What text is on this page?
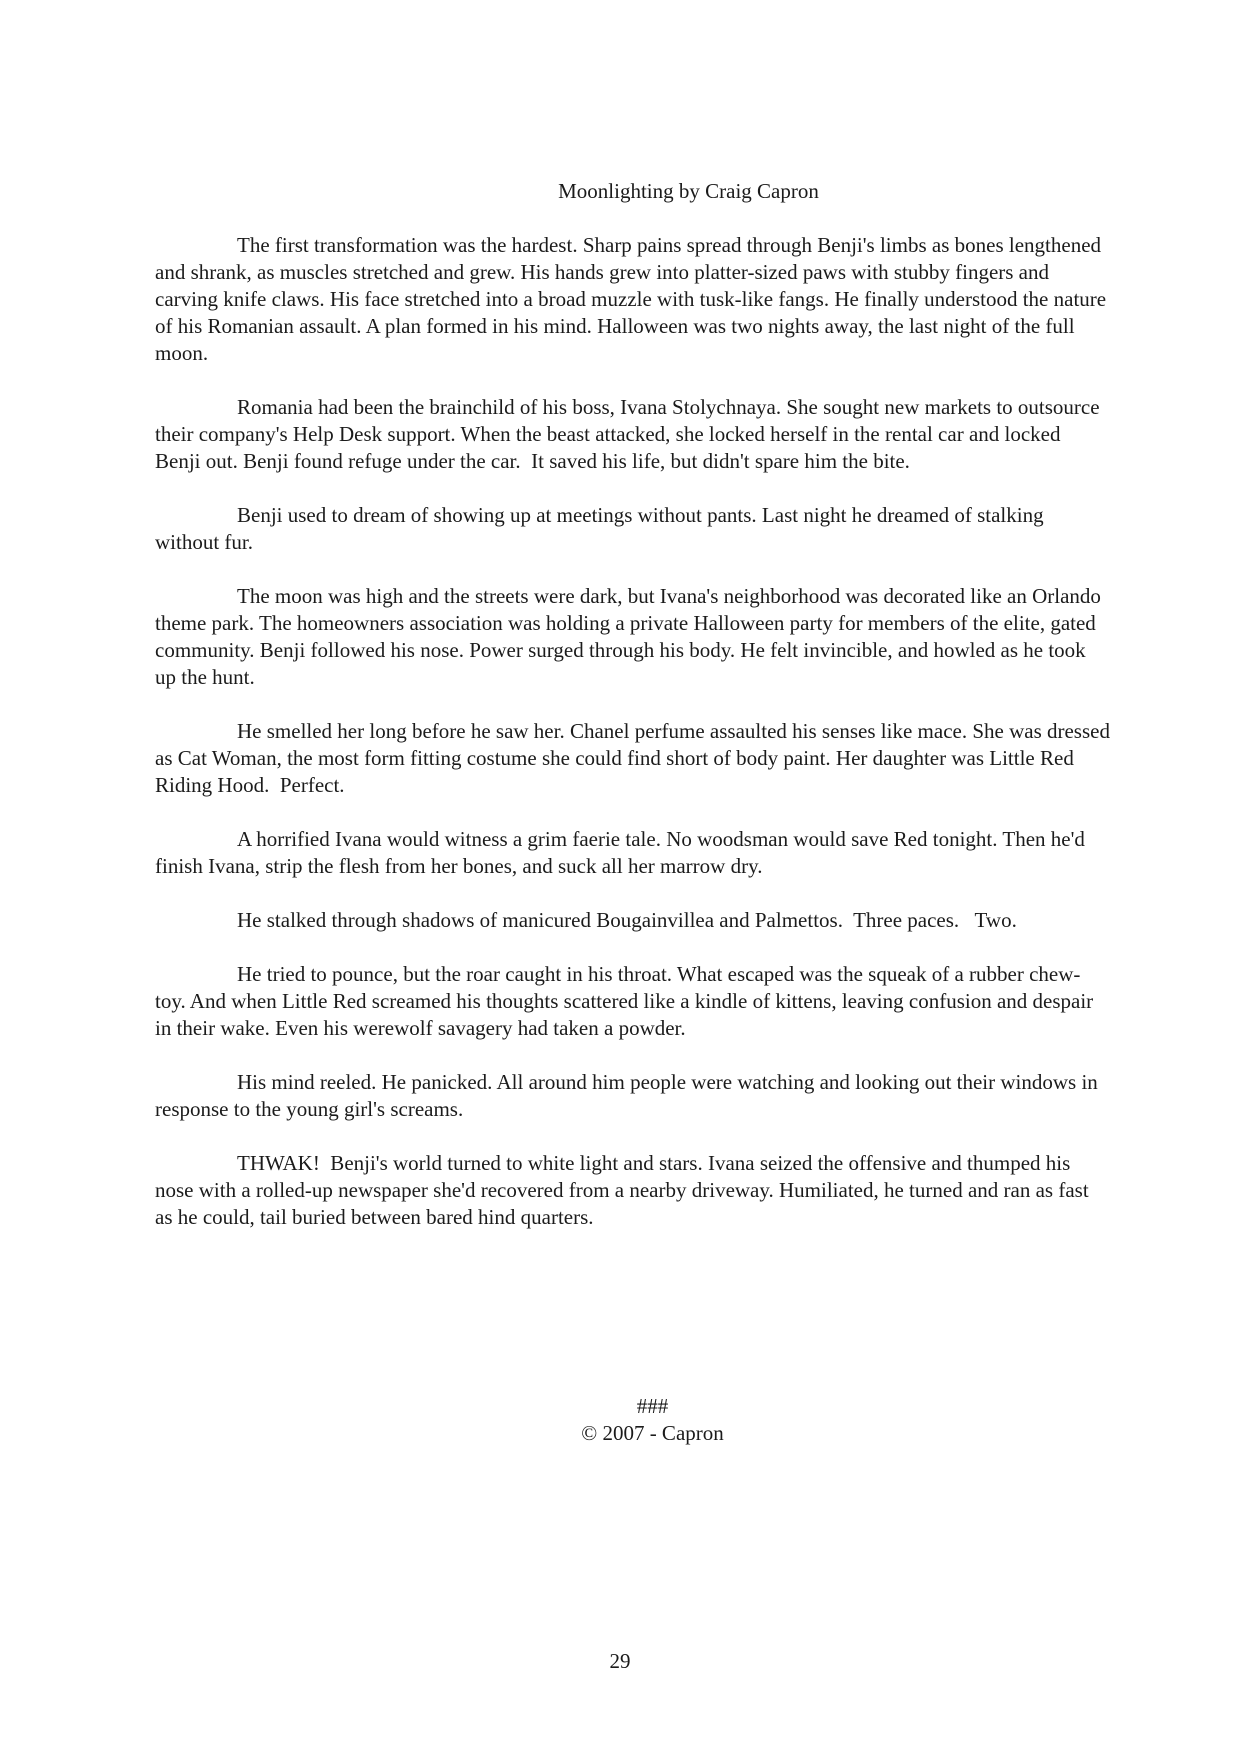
Moonlighting by Craig Capron

The first transformation was the hardest. Sharp pains spread through Benji's limbs as bones lengthened and shrank, as muscles stretched and grew. His hands grew into platter-sized paws with stubby fingers and carving knife claws. His face stretched into a broad muzzle with tusk-like fangs. He finally understood the nature of his Romanian assault. A plan formed in his mind. Halloween was two nights away, the last night of the full moon.

Romania had been the brainchild of his boss, Ivana Stolychnaya. She sought new markets to outsource their company's Help Desk support. When the beast attacked, she locked herself in the rental car and locked Benji out. Benji found refuge under the car.  It saved his life, but didn't spare him the bite.

Benji used to dream of showing up at meetings without pants. Last night he dreamed of stalking without fur.

The moon was high and the streets were dark, but Ivana's neighborhood was decorated like an Orlando theme park. The homeowners association was holding a private Halloween party for members of the elite, gated community. Benji followed his nose. Power surged through his body. He felt invincible, and howled as he took up the hunt.

He smelled her long before he saw her. Chanel perfume assaulted his senses like mace. She was dressed as Cat Woman, the most form fitting costume she could find short of body paint. Her daughter was Little Red Riding Hood.  Perfect.

A horrified Ivana would witness a grim faerie tale. No woodsman would save Red tonight. Then he'd finish Ivana, strip the flesh from her bones, and suck all her marrow dry.

He stalked through shadows of manicured Bougainvillea and Palmettos.  Three paces.   Two.

He tried to pounce, but the roar caught in his throat. What escaped was the squeak of a rubber chew-toy. And when Little Red screamed his thoughts scattered like a kindle of kittens, leaving confusion and despair in their wake. Even his werewolf savagery had taken a powder.

His mind reeled. He panicked. All around him people were watching and looking out their windows in response to the young girl's screams.

THWAK!  Benji's world turned to white light and stars. Ivana seized the offensive and thumped his nose with a rolled-up newspaper she'd recovered from a nearby driveway. Humiliated, he turned and ran as fast as he could, tail buried between bared hind quarters.

###
© 2007 - Capron
29
